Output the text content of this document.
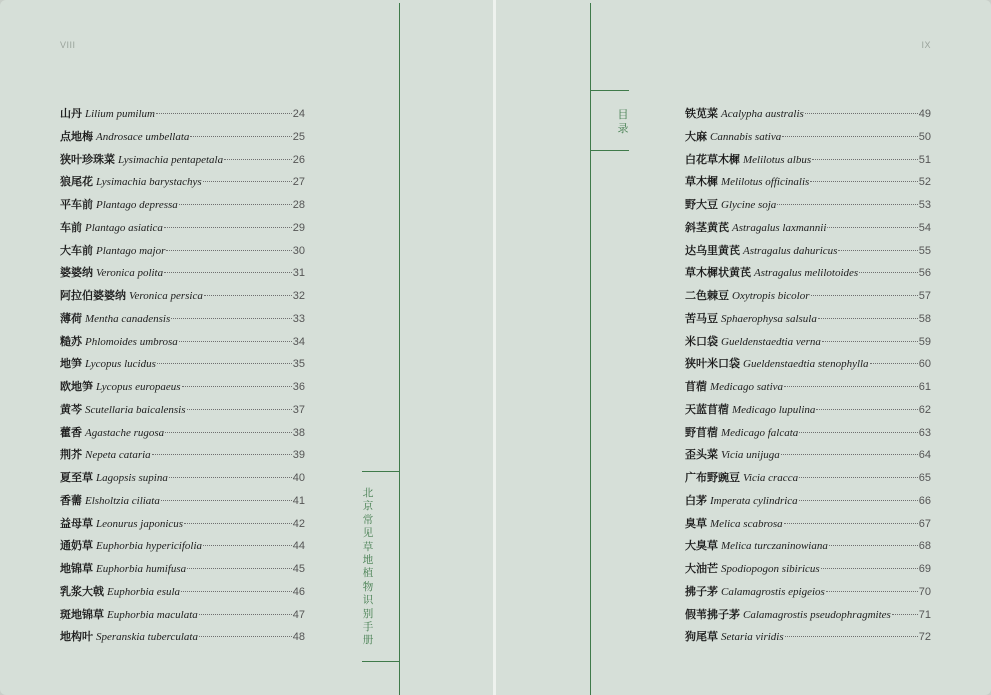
VIII
山丹 Lilium pumilum	24
点地梅 Androsace umbellata	25
狭叶珍珠菜 Lysimachia pentapetala	26
狼尾花 Lysimachia barystachys	27
平车前 Plantago depressa	28
车前 Plantago asiatica	29
大车前 Plantago major	30
婆婆纳 Veronica polita	31
阿拉伯婆婆纳 Veronica persica	32
薄荷 Mentha canadensis	33
糙苏 Phlomoides umbrosa	34
地笋 Lycopus lucidus	35
欧地笋 Lycopus europaeus	36
黄芩 Scutellaria baicalensis	37
藿香 Agastache rugosa	38
荆芥 Nepeta cataria	39
夏至草 Lagopsis supina	40
香薷 Elsholtzia ciliata	41
益母草 Leonurus japonicus	42
通奶草 Euphorbia hypericifolia	44
地锦草 Euphorbia humifusa	45
乳浆大戟 Euphorbia esula	46
斑地锦草 Euphorbia maculata	47
地构叶 Speranskia tuberculata	48
北京常见草地植物识别手册
IX
目录
铁苋菜 Acalypha australis	49
大麻 Cannabis sativa	50
白花草木樨 Melilotus albus	51
草木樨 Melilotus officinalis	52
野大豆 Glycine soja	53
斜茎黄芪 Astragalus laxmannii	54
达乌里黄芪 Astragalus dahuricus	55
草木樨状黄芪 Astragalus melilotoides	56
二色棘豆 Oxytropis bicolor	57
苦马豆 Sphaerophysa salsula	58
米口袋 Gueldenstaedtia verna	59
狭叶米口袋 Gueldenstaedtia stenophylla	60
苜蓿 Medicago sativa	61
天蓝苜蓿 Medicago lupulina	62
野苜蓿 Medicago falcata	63
歪头菜 Vicia unijuga	64
广布野豌豆 Vicia cracca	65
白茅 Imperata cylindrica	66
臭草 Melica scabrosa	67
大臭草 Melica turczaninowiana	68
大油芒 Spodiopogon sibiricus	69
拂子茅 Calamagrostis epigeios	70
假苇拂子茅 Calamagrostis pseudophragmites	71
狗尾草 Setaria viridis	72
